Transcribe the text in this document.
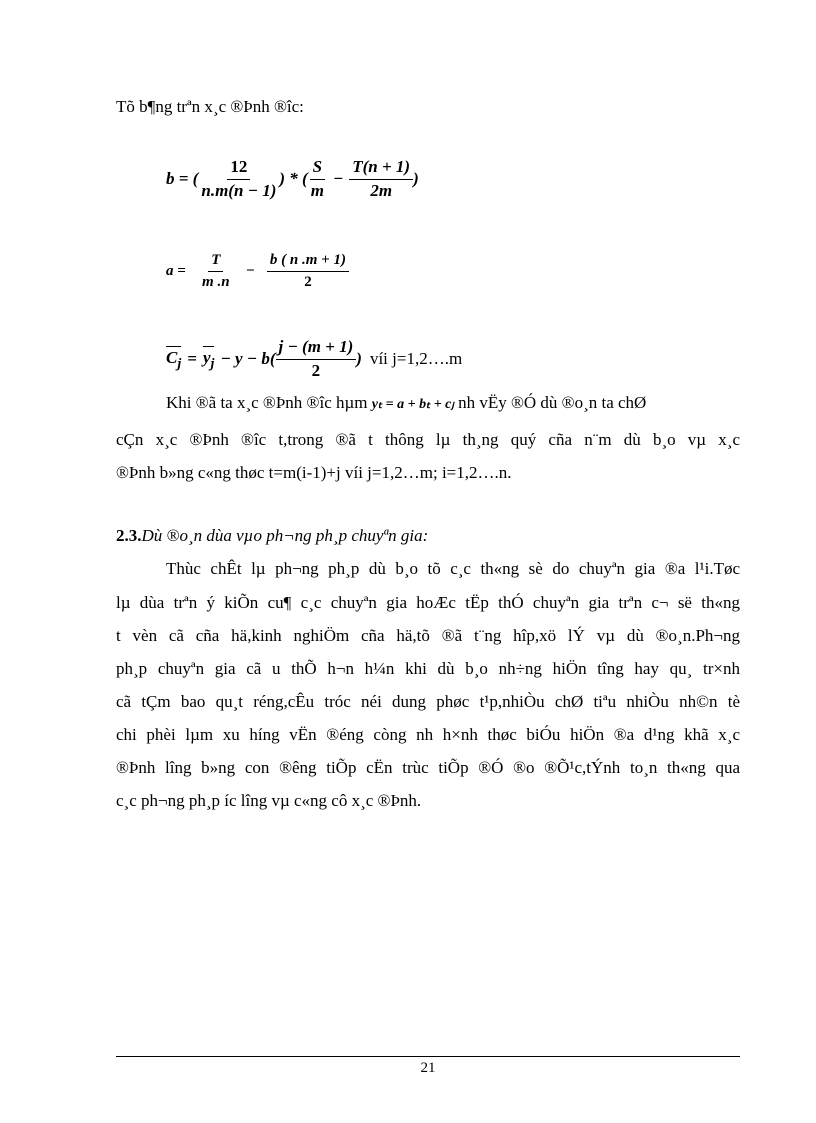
Tõ b¶ng trªn x¸c ®Þnh ®îc:
b = ( $\frac{12}{n.m(n - 1)}$ ) * ( $\frac{S}{m} - \frac{T(n + 1)}{2m}$ )
$a = \frac{T}{m .n} - \frac{b ( n .m + 1)}{2}$
$C_j = y_j - y - b( \frac{j - (m + 1)}{2}$ ) víi j=1,2….m
Khi ®ã ta x¸c ®Þnh ®îc hµm yₜ = a + bₜ + cⱼ nh vËy ®Ó dù ®o¸n ta chØ
cÇn x¸c ®Þnh ®îc t,trong ®ã t thông lµ th¸ng quý cña n¨m dù b¸o vµ x¸c
®Þnh b»ng c«ng thøc t=m(i-1)+j víi j=1,2…m; i=1,2….n.
2.3.Dù ®o¸n dùa vµo ph¬ng ph¸p chuyªn gia:
Thùc chÊt lµ ph¬ng ph¸p dù b¸o tõ c¸c th«ng sè do chuyªn gia ®a l¹i.Tøc
lµ dùa trªn ý kiÕn cu¶ c¸c chuyªn gia hoÆc tËp thÓ chuyªn gia trªn c¬ së th«ng
t vèn cã cña hä,kinh nghiÖm cña hä,tõ ®ã t¨ng hîp,xö lÝ vµ dù ®o¸n.Ph¬ng
ph¸p chuyªn gia cã u thÕ h¬n h¼n khi dù b¸o nh÷ng hiÖn tîng hay qu¸ tr×nh
cã tÇm bao qu¸t réng,cÊu tróc néi dung phøc t¹p,nhiÒu chØ tiªu nhiÒu nh©n tè
chi phèi lµm xu híng vËn ®éng còng nh h×nh thøc biÓu hiÖn ®a d¹ng khã x¸c
®Þnh lîng b»ng con ®êng tiÕp cËn trùc tiÕp ®Ó ®o ®Õ¹c,tÝnh to¸n th«ng qua
c¸c ph¬ng ph¸p íc lîng vµ c«ng cô x¸c ®Þnh.
21
